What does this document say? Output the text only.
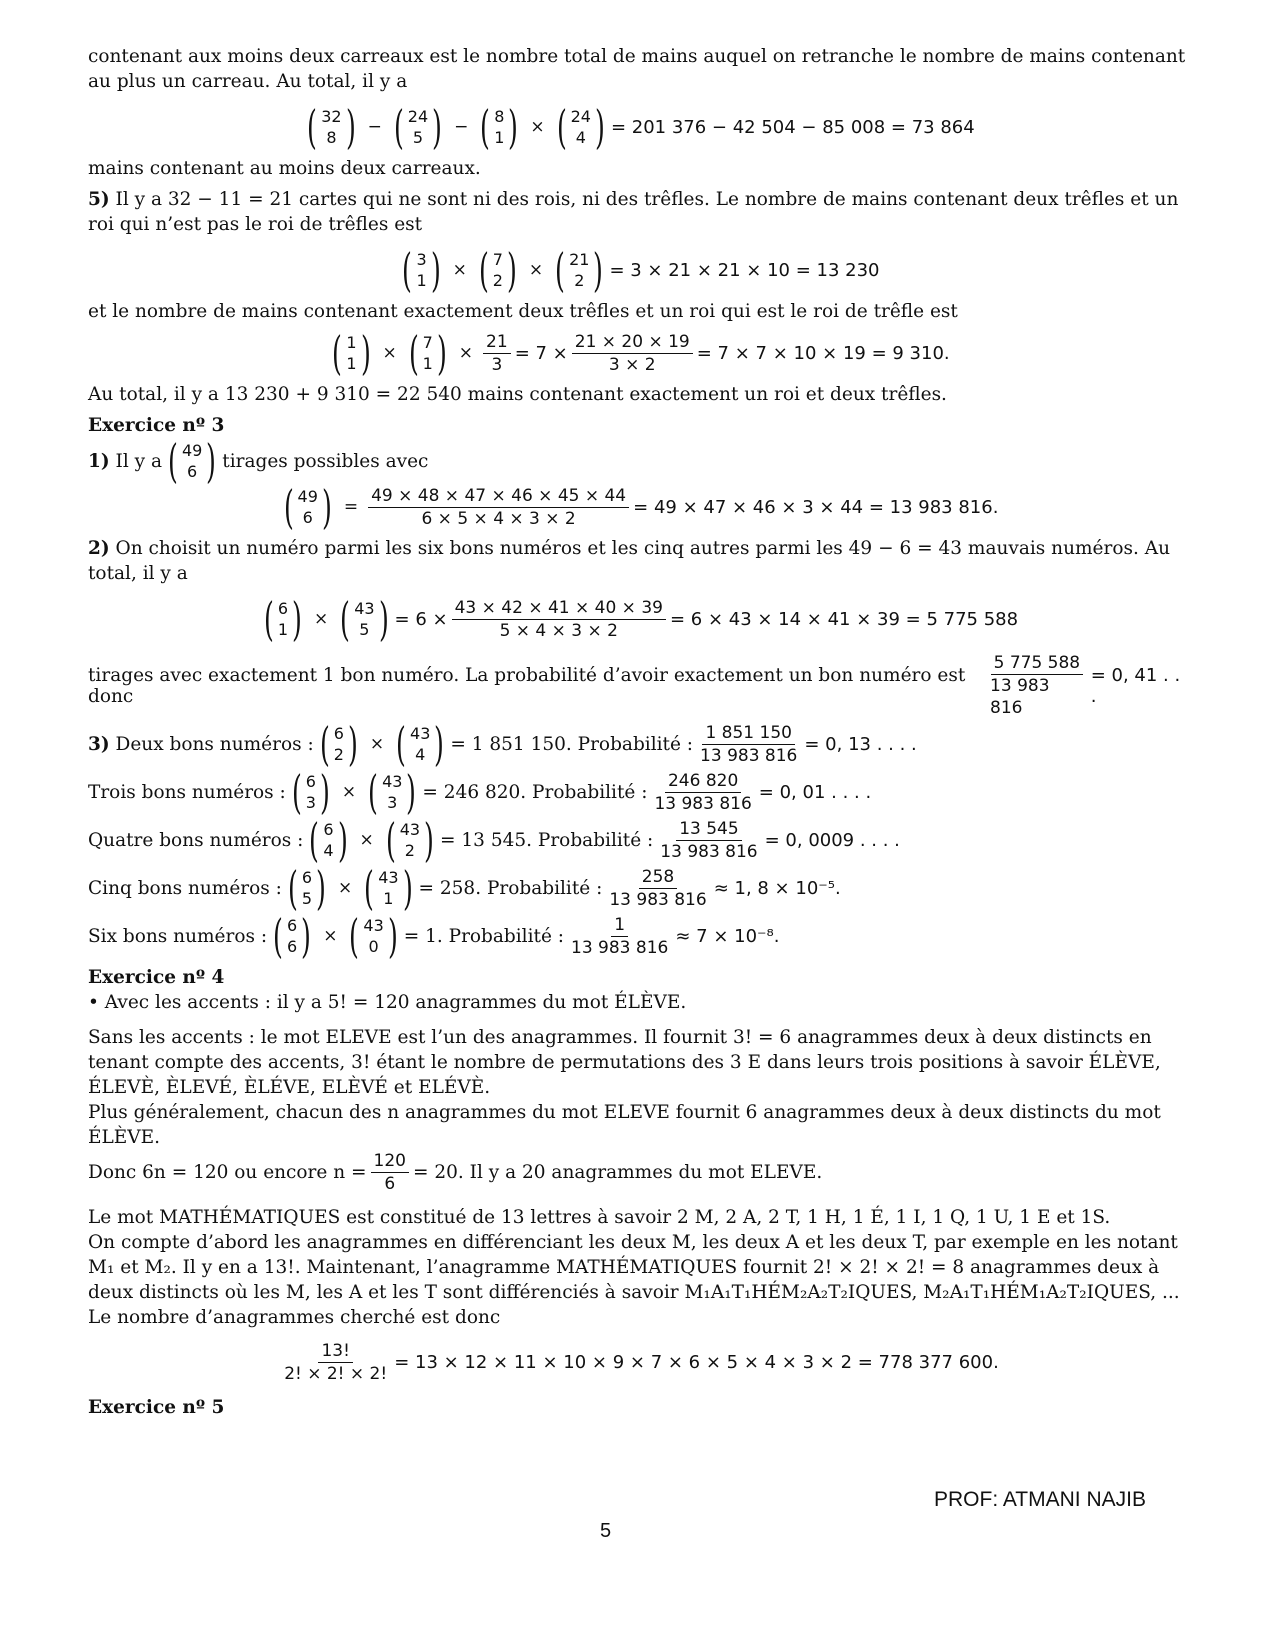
contenant aux moins deux carreaux est le nombre total de mains auquel on retranche le nombre de mains contenant au plus un carreau. Au total, il y a

( 32
8 ) − ( 24
5 ) − ( 8
1 ) × ( 24
4 ) = 201 376 − 42 504 − 85 008 = 73 864

mains contenant au moins deux carreaux.

5) Il y a 32 − 11 = 21 cartes qui ne sont ni des rois, ni des trêfles. Le nombre de mains contenant deux trêfles et un roi qui n’est pas le roi de trêfles est

( 3
1 ) × ( 7
2 ) × ( 21
2 ) = 3 × 21 × 21 × 10 = 13 230

et le nombre de mains contenant exactement deux trêfles et un roi qui est le roi de trêfle est

( 1
1 ) × ( 7
1 ) × $\frac{21}{3} = 7 \times \frac{21 \times 20 \times 19}{3 \times 2} = 7 \times 7 \times 10 \times 19 = 9$ 310.

Au total, il y a 13 230 + 9 310 = 22 540 mains contenant exactement un roi et deux trêfles.

Exercice nº 3

1)
Il y a ( 49
6 ) tirages possibles avec
( 49
6 ) = $\frac{49 \times 48 \times 47 \times 46 \times 45 \times 44}{6 \times 5 \times 4 \times 3 \times 2} = 49 \times 47 \times 46 \times 3 \times 44 = 13$ 983 816.

2) On choisit un numéro parmi les six bons numéros et les cinq autres parmi les 49 − 6 = 43 mauvais numéros. Au total, il y a

( 6
1 ) × ( 43
5 ) = $6 \times \frac{43 \times 42 \times 41 \times 40 \times 39}{5 \times 4 \times 3 \times 2} = 6 \times 43 \times 14 \times 41 \times 39 = 5$ 775 588
tirages avec exactement 1 bon numéro. La probabilité d’avoir exactement un bon numéro est donc	$\frac{5 775 588}{13 983 816} = 0$, 41 . . .
3)
Deux bons numéros : ( 6
2 ) × ( 43
4 ) = 1 851 150. Probabilité : $\frac{1 851 150}{13 983 816} = 0$, 13 . . . .
Trois bons numéros : ( 6
3 ) × ( 43
3 ) = 246 820. Probabilité : $\frac{246 820}{13 983 816} = 0$, 01 . . . .
Quatre bons numéros : ( 6
4 ) × ( 43
2 ) = 13 545. Probabilité : $\frac{13 545}{13 983 816} = 0$, 0009 . . . .
Cinq bons numéros : ( 6
5 ) × ( 43
1 ) = 258. Probabilité : $\frac{258}{13 983 816} \approx 1$, 8 × 10⁻⁵.
Six bons numéros : ( 6
6 ) × ( 43
0 ) = 1. Probabilité : $\frac{1}{13 983 816} \approx 7 \times 10^{-8}$.

Exercice nº 4

• Avec les accents : il y a 5! = 120 anagrammes du mot ÉLÈVE.

Sans les accents : le mot ELEVE est l’un des anagrammes. Il fournit 3! = 6 anagrammes deux à deux distincts en tenant compte des accents, 3! étant le nombre de permutations des 3 E dans leurs trois positions à savoir ÉLÈVE, ÉLEVÈ, ÈLEVÉ, ÈLÉVE, ELÈVÉ et ELÉVÈ.

Plus généralement, chacun des n anagrammes du mot ELEVE fournit 6 anagrammes deux à deux distincts du mot ÉLÈVE.

Donc 6n = 120 ou encore $n = \frac{120}{6} = 20$. Il y a 20 anagrammes du mot ELEVE.

Le mot MATHÉMATIQUES est constitué de 13 lettres à savoir 2 M, 2 A, 2 T, 1 H, 1 É, 1 I, 1 Q, 1 U, 1 E et 1S.

On compte d’abord les anagrammes en différenciant les deux M, les deux A et les deux T, par exemple en les notant M₁ et M₂. Il y en a 13!. Maintenant, l’anagramme MATHÉMATIQUES fournit 2! × 2! × 2! = 8 anagrammes deux à deux distincts où les M, les A et les T sont différenciés à savoir M₁A₁T₁HÉM₂A₂T₂IQUES, M₂A₁T₁HÉM₁A₂T₂IQUES, ...

Le nombre d’anagrammes cherché est donc

$\frac{13!}{2! \times 2! \times 2!} = 13 \times 12 \times 11 \times 10 \times 9 \times 7 \times 6 \times 5 \times 4 \times 3 \times 2 = 778$ 377 600.

Exercice nº 5

PROF: ATMANI NAJIB
5
